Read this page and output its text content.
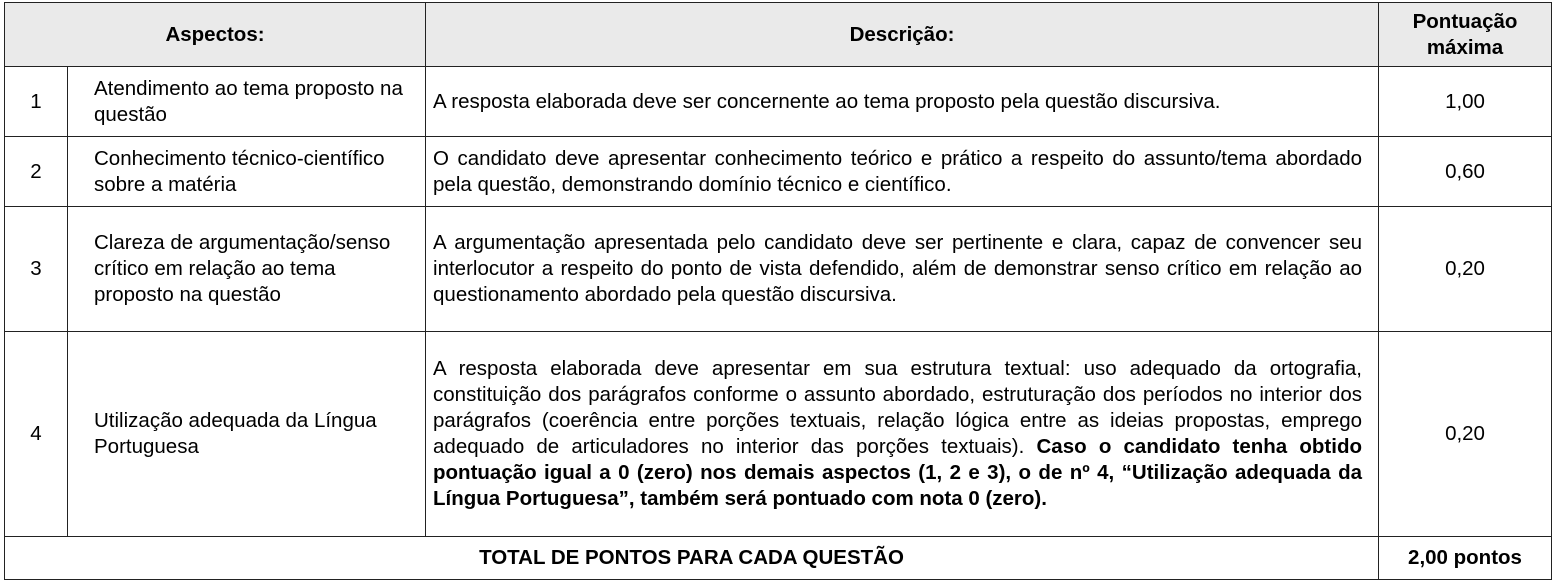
Aspectos:		Descrição:	Pontuação
máxima
1	Atendimento ao tema proposto na questão	A resposta elaborada deve ser concernente ao tema proposto pela questão discursiva.	1,00
2	Conhecimento técnico-científico sobre a matéria	O candidato deve apresentar conhecimento teórico e prático a respeito do assunto/tema abordado pela questão, demonstrando domínio técnico e científico.	0,60
3	Clareza de argumentação/senso crítico em relação ao tema proposto na questão	A argumentação apresentada pelo candidato deve ser pertinente e clara, capaz de convencer seu interlocutor a respeito do ponto de vista defendido, além de demonstrar senso crítico em relação ao questionamento abordado pela questão discursiva.	0,20
4	Utilização adequada da Língua Portuguesa	A resposta elaborada deve apresentar em sua estrutura textual: uso adequado da ortografia, constituição dos parágrafos conforme o assunto abordado, estruturação dos períodos no interior dos parágrafos (coerência entre porções textuais, relação lógica entre as ideias propostas, emprego adequado de articuladores no interior das porções textuais). Caso o candidato tenha obtido pontuação igual a 0 (zero) nos demais aspectos (1, 2 e 3), o de nº 4, “Utilização adequada da Língua Portuguesa”, também será pontuado com nota 0 (zero).	0,20
TOTAL DE PONTOS PARA CADA QUESTÃO			2,00 pontos
